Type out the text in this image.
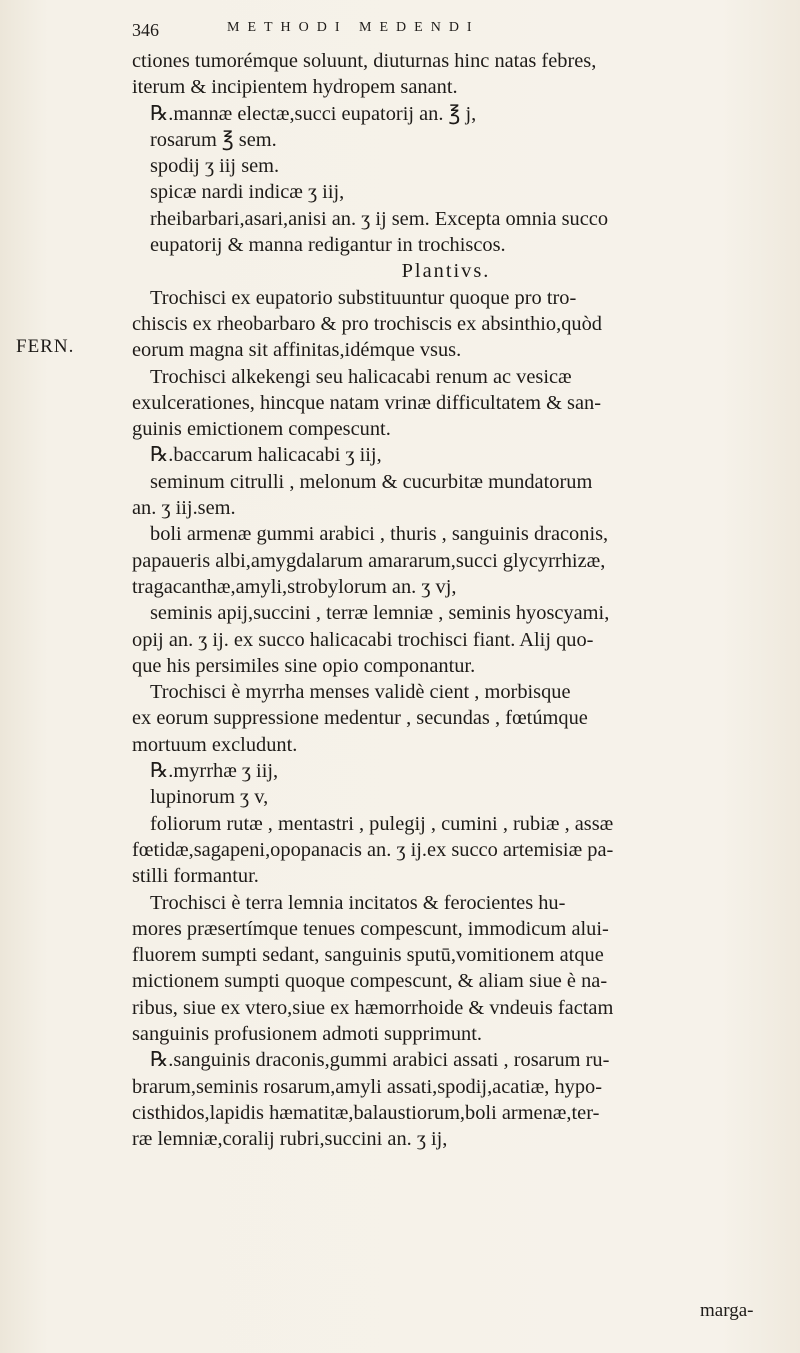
346	METHODI MEDENDI
FERN.
ctiones tumorémque soluunt, diuturnas hinc natas febres,
iterum & incipientem hydropem sanant.
℞.mannæ electæ,succi eupatorij an. ℥ j,
rosarum ℥ sem.
spodij ʒ iij sem.
spicæ nardi indicæ ʒ iij,
rheibarbari,asari,anisi an. ʒ ij sem. Excepta omnia succo
eupatorij & manna redigantur in trochiscos.
Plantivs.
Trochisci ex eupatorio substituuntur quoque pro tro-
chiscis ex rheobarbaro & pro trochiscis ex absinthio,quòd
eorum magna sit affinitas,idémque vsus.
Trochisci alkekengi seu halicacabi renum ac vesicæ
exulcerationes, hincque natam vrinæ difficultatem & san-
guinis emictionem compescunt.
℞.baccarum halicacabi ʒ iij,
seminum citrulli , melonum & cucurbitæ mundatorum
an. ʒ iij.sem.
boli armenæ gummi arabici , thuris , sanguinis draconis,
papaueris albi,amygdalarum amararum,succi glycyrrhizæ,
tragacanthæ,amyli,strobylorum an. ʒ vj,
seminis apij,succini , terræ lemniæ , seminis hyoscyami,
opij an. ʒ ij. ex succo halicacabi trochisci fiant. Alij quo-
que his persimiles sine opio componantur.
Trochisci è myrrha menses validè cient , morbisque
ex eorum suppressione medentur , secundas , fœtúmque
mortuum excludunt.
℞.myrrhæ ʒ iij,
lupinorum ʒ v,
foliorum rutæ , mentastri , pulegij , cumini , rubiæ , assæ
fœtidæ,sagapeni,opopanacis an. ʒ ij.ex succo artemisiæ pa-
stilli formantur.
Trochisci è terra lemnia incitatos & ferocientes hu-
mores præsertímque tenues compescunt, immodicum alui-
fluorem sumpti sedant, sanguinis sputū,vomitionem atque
mictionem sumpti quoque compescunt, & aliam siue è na-
ribus, siue ex vtero,siue ex hæmorrhoide & vndeuis factam
sanguinis profusionem admoti supprimunt.
℞.sanguinis draconis,gummi arabici assati , rosarum ru-
brarum,seminis rosarum,amyli assati,spodij,acatiæ, hypo-
cisthidos,lapidis hæmatitæ,balaustiorum,boli armenæ,ter-
ræ lemniæ,coralij rubri,succini an. ʒ ij,
marga-
